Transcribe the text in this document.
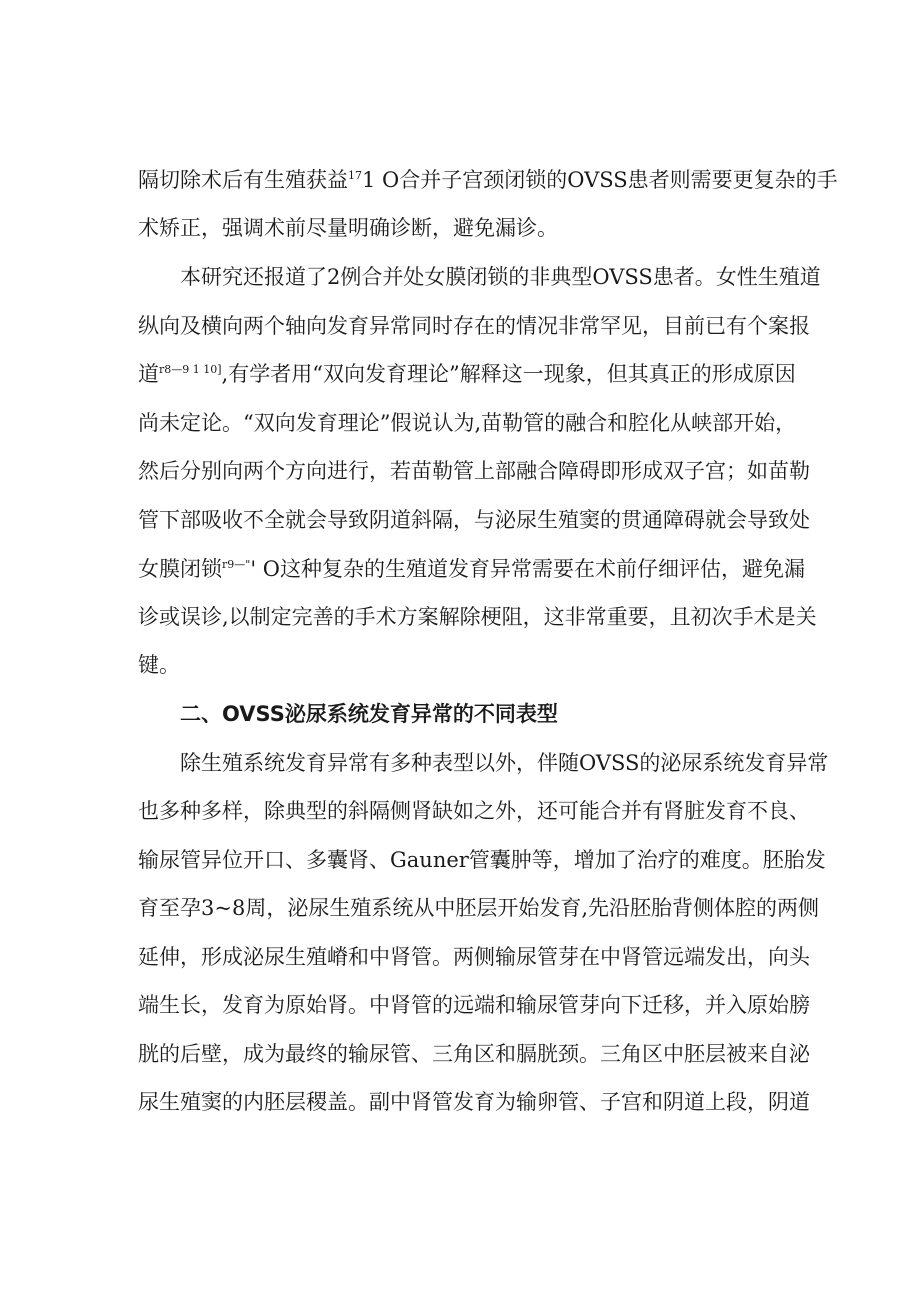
隔切除术后有生殖获益$^{17}$1 O合并子宫颈闭锁的OVSS患者则需要更复杂的手
术矫正，强调术前尽量明确诊断，避免漏诊。
本研究还报道了2例合并处女膜闭锁的非典型OVSS患者。女性生殖道
纵向及横向两个轴向发育异常同时存在的情况非常罕见，目前已有个案报
道$^{r8—9 1 10]}$,有学者用“双向发育理论”解释这一现象，但其真正的形成原因
尚未定论。“双向发育理论”假说认为,苗勒管的融合和腔化从峡部开始，
然后分别向两个方向进行，若苗勒管上部融合障碍即形成双子宫；如苗勒
管下部吸收不全就会导致阴道斜隔，与泌尿生殖窦的贯通障碍就会导致处
女膜闭锁$^{r9—"}$' O这种复杂的生殖道发育异常需要在术前仔细评估，避免漏
诊或误诊,以制定完善的手术方案解除梗阻，这非常重要，且初次手术是关
键。
二、OVSS泌尿系统发育异常的不同表型
除生殖系统发育异常有多种表型以外，伴随OVSS的泌尿系统发育异常
也多种多样，除典型的斜隔侧肾缺如之外，还可能合并有肾脏发育不良、
输尿管异位开口、多囊肾、Gauner管囊肿等，增加了治疗的难度。胚胎发
育至孕3~8周，泌尿生殖系统从中胚层开始发育,先沿胚胎背侧体腔的两侧
延伸，形成泌尿生殖嵴和中肾管。两侧输尿管芽在中肾管远端发出，向头
端生长，发育为原始肾。中肾管的远端和输尿管芽向下迁移，并入原始膀
胱的后壁，成为最终的输尿管、三角区和膈胱颈。三角区中胚层被来自泌
尿生殖窦的内胚层稷盖。副中肾管发育为输卵管、子宫和阴道上段，阴道
